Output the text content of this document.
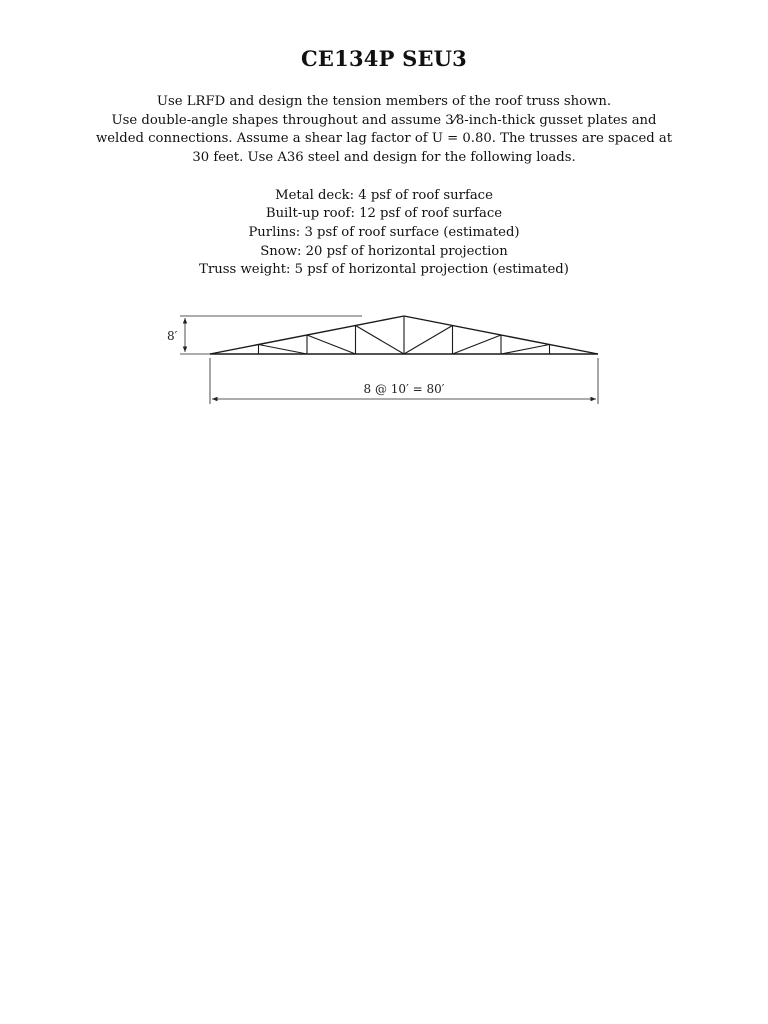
CE134P SEU3
Use LRFD and design the tension members of the roof truss shown.
Use double-angle shapes throughout and assume 3⁄8-inch-thick gusset plates and
welded connections. Assume a shear lag factor of U = 0.80. The trusses are spaced at
30 feet. Use A36 steel and design for the following loads.
Metal deck: 4 psf of roof surface
Built-up roof: 12 psf of roof surface
Purlins: 3 psf of roof surface (estimated)
Snow: 20 psf of horizontal projection
Truss weight: 5 psf of horizontal projection (estimated)
8′
8 @ 10′ = 80′
